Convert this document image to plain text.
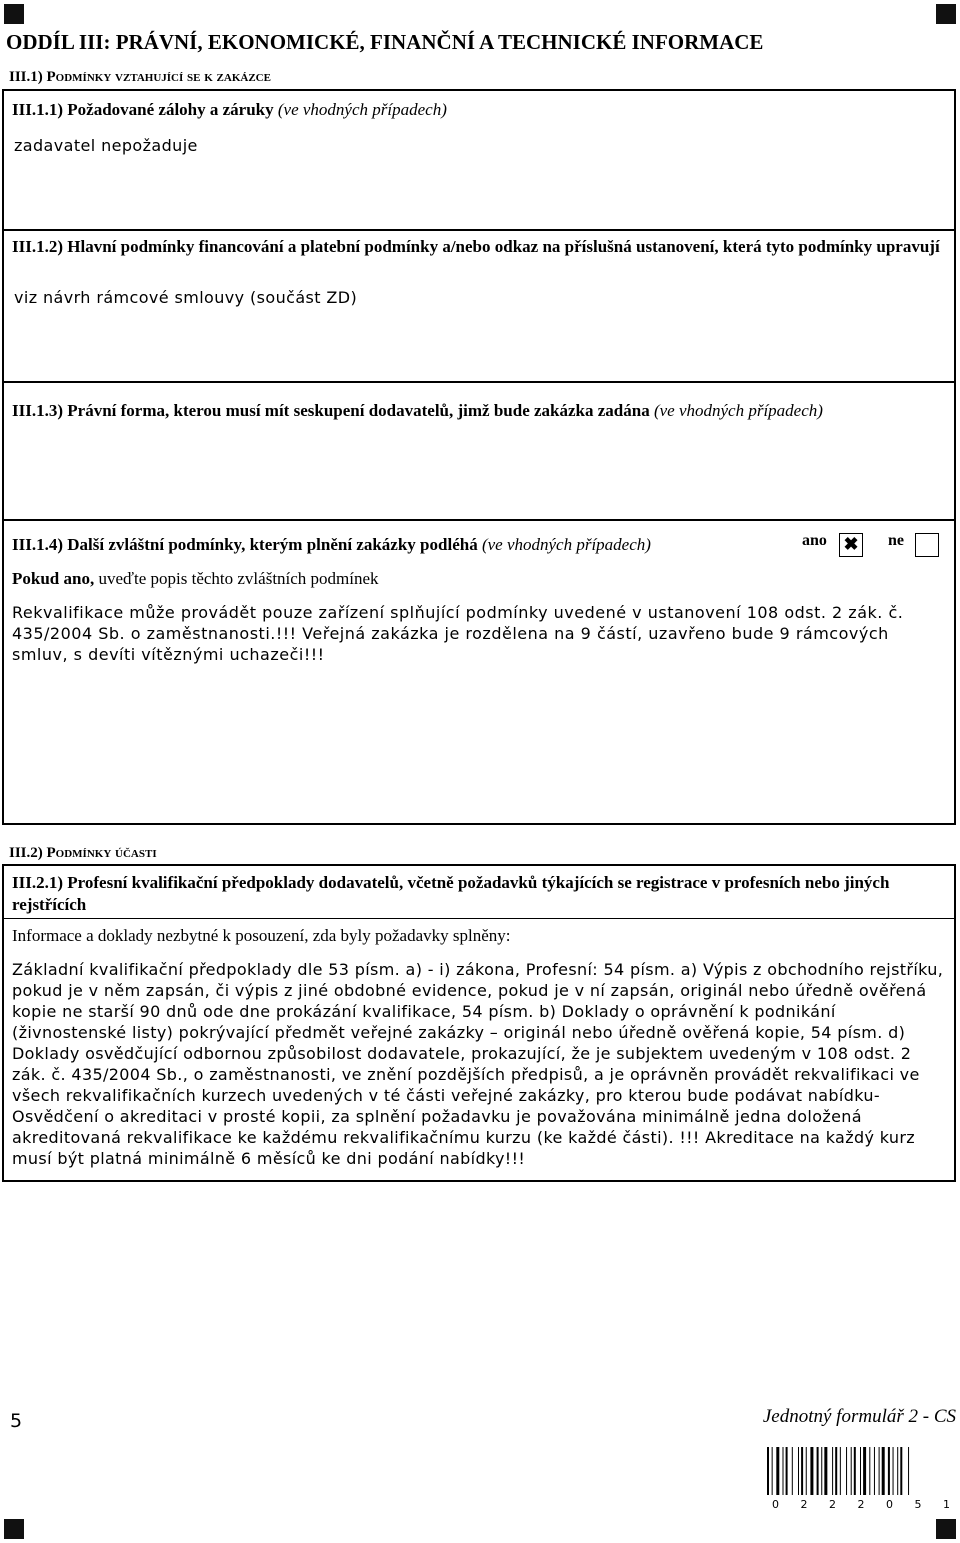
ODDÍL III: PRÁVNÍ, EKONOMICKÉ, FINANČNÍ A TECHNICKÉ INFORMACE
III.1) Podmínky vztahující se k zakázce
III.1.1) Požadované zálohy a záruky (ve vhodných případech)
zadavatel nepožaduje
III.1.2) Hlavní podmínky financování a platební podmínky a/nebo odkaz na příslušná ustanovení, která tyto podmínky upravují
viz návrh rámcové smlouvy (součást ZD)
III.1.3) Právní forma, kterou musí mít seskupení dodavatelů, jimž bude zakázka zadána (ve vhodných případech)
III.1.4) Další zvláštní podmínky, kterým plnění zakázky podléhá (ve vhodných případech)	ano ✖ ne
Pokud ano, uveďte popis těchto zvláštních podmínek
Rekvalifikace může provádět pouze zařízení splňující podmínky uvedené v ustanovení 108 odst. 2 zák. č. 435/2004 Sb. o zaměstnanosti.!!! Veřejná zakázka je rozdělena na 9 částí, uzavřeno bude 9 rámcových smluv, s devíti vítěznými uchazeči!!!
III.2) Podmínky účasti
III.2.1) Profesní kvalifikační předpoklady dodavatelů, včetně požadavků týkajících se registrace v profesních nebo jiných rejstřících
Informace a doklady nezbytné k posouzení, zda byly požadavky splněny:
Základní kvalifikační předpoklady dle 53 písm. a) - i) zákona, Profesní: 54 písm. a) Výpis z obchodního rejstříku, pokud je v něm zapsán, či výpis z jiné obdobné evidence, pokud je v ní zapsán, originál nebo úředně ověřená kopie ne starší 90 dnů ode dne prokázání kvalifikace, 54 písm. b) Doklady o oprávnění k podnikání (živnostenské listy) pokrývající předmět veřejné zakázky – originál nebo úředně ověřená kopie, 54 písm. d) Doklady osvědčující odbornou způsobilost dodavatele, prokazující, že je subjektem uvedeným v 108 odst. 2 zák. č. 435/2004 Sb., o zaměstnanosti, ve znění pozdějších předpisů, a je oprávněn provádět rekvalifikaci ve všech rekvalifikačních kurzech uvedených v té části veřejné zakázky, pro kterou bude podávat nabídku-Osvědčení o akreditaci v prosté kopii, za splnění požadavku je považována minimálně jedna doložená akreditovaná rekvalifikace ke každému rekvalifikačnímu kurzu (ke každé části). !!! Akreditace na každý kurz musí být platná minimálně 6 měsíců ke dni podání nabídky!!!
5	Jednotný formulář 2 - CS
0 2 2 2 0 5 1
